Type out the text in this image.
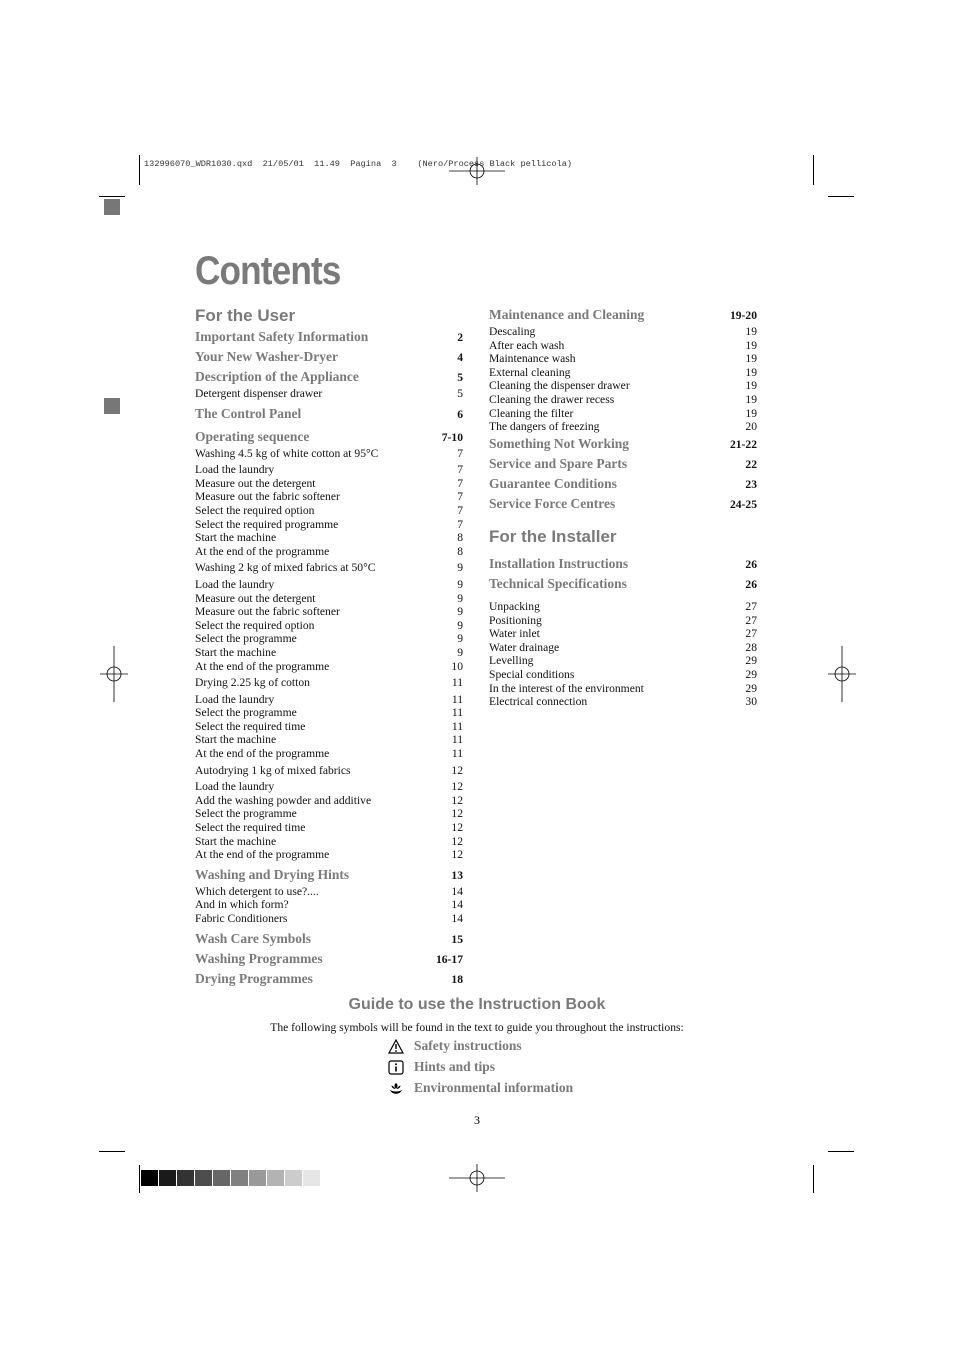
132996070_WDR1030.qxd  21/05/01  11.49  Pagina  3    (Nero/Process Black pellicola)
Contents
For the User
Important Safety Information	2
Your New Washer-Dryer	4
Description of the Appliance	5
Detergent dispenser drawer	5
The Control Panel	6
Operating sequence	7-10
Washing 4.5 kg of white cotton at 95°C	7
Load the laundry	7
Measure out the detergent	7
Measure out the fabric softener	7
Select the required option	7
Select the required programme	7
Start the machine	8
At the end of the programme	8
Washing 2 kg of mixed fabrics at 50°C	9
Load the laundry	9
Measure out the detergent	9
Measure out the fabric softener	9
Select the required option	9
Select the programme	9
Start the machine	9
At the end of the programme	10
Drying 2.25 kg of cotton	11
Load the laundry	11
Select the programme	11
Select the required time	11
Start the machine	11
At the end of the programme	11
Autodrying 1 kg of mixed fabrics	12
Load the laundry	12
Add the washing powder and additive	12
Select the programme	12
Select the required time	12
Start the machine	12
At the end of the programme	12
Washing and Drying Hints	13
Which detergent to use?....	14
And in which form?	14
Fabric Conditioners	14
Wash Care Symbols	15
Washing Programmes	16-17
Drying Programmes	18
Maintenance and Cleaning	19-20
Descaling	19
After each wash	19
Maintenance wash	19
External cleaning	19
Cleaning the dispenser drawer	19
Cleaning the drawer recess	19
Cleaning the filter	19
The dangers of freezing	20
Something Not Working	21-22
Service and Spare Parts	22
Guarantee Conditions	23
Service Force Centres	24-25
For the Installer
Installation Instructions	26
Technical Specifications	26
Unpacking	27
Positioning	27
Water inlet	27
Water drainage	28
Levelling	29
Special conditions	29
In the interest of the environment	29
Electrical connection	30
Guide to use the Instruction Book
The following symbols will be found in the text to guide you throughout the instructions:
Safety instructions
Hints and tips
Environmental information
3
